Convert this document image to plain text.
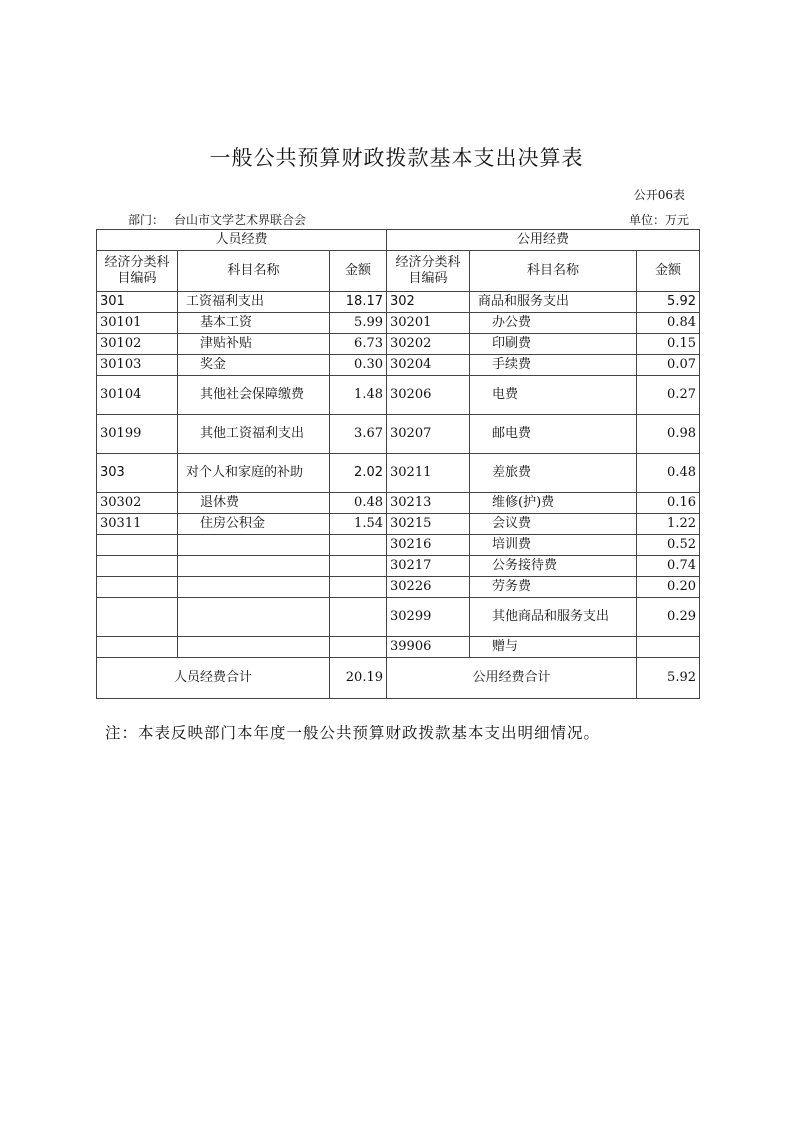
一般公共预算财政拨款基本支出决算表
公开06表
部门： 台山市文学艺术界联合会	单位：万元
人员经费			公用经费		
经济分类科目编码	科目名称	金额	经济分类科目编码	科目名称	金额
301	工资福利支出	18.17	302	商品和服务支出	5.92
30101	基本工资	5.99	30201	办公费	0.84
30102	津贴补贴	6.73	30202	印刷费	0.15
30103	奖金	0.30	30204	手续费	0.07
30104	其他社会保障缴费	1.48	30206	电费	0.27
30199	其他工资福利支出	3.67	30207	邮电费	0.98
303	对个人和家庭的补助	2.02	30211	差旅费	0.48
30302	退休费	0.48	30213	维修(护)费	0.16
30311	住房公积金	1.54	30215	会议费	1.22
			30216	培训费	0.52
			30217	公务接待费	0.74
			30226	劳务费	0.20
			30299	其他商品和服务支出	0.29
			39906	赠与	
人员经费合计		20.19	公用经费合计		5.92
注：本表反映部门本年度一般公共预算财政拨款基本支出明细情况。
